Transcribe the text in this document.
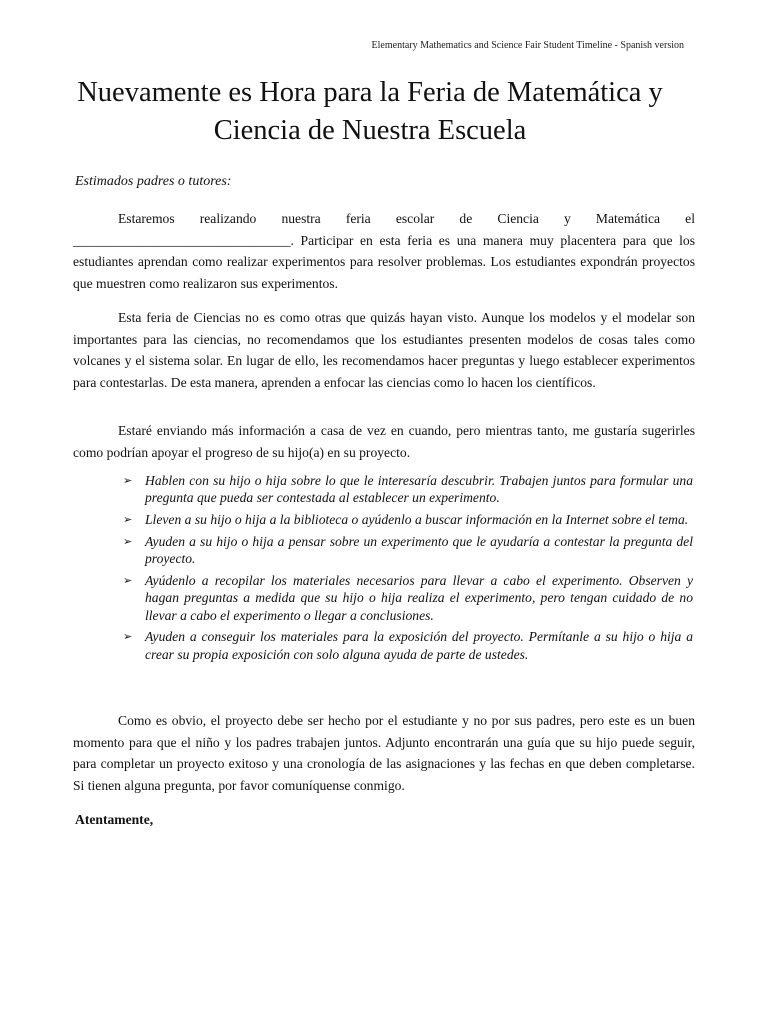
Elementary Mathematics and Science Fair Student Timeline - Spanish version
Nuevamente es Hora para la Feria de Matemática y Ciencia de Nuestra Escuela
Estimados padres o tutores:

Estaremos realizando nuestra feria escolar de Ciencia y Matemática el ________________________________. Participar en esta feria es una manera muy placentera para que los estudiantes aprendan como realizar experimentos para resolver problemas. Los estudiantes expondrán proyectos que muestren como realizaron sus experimentos.

Esta feria de Ciencias no es como otras que quizás hayan visto. Aunque los modelos y el modelar son importantes para las ciencias, no recomendamos que los estudiantes presenten modelos de cosas tales como volcanes y el sistema solar. En lugar de ello, les recomendamos hacer preguntas y luego establecer experimentos para contestarlas. De esta manera, aprenden a enfocar las ciencias como lo hacen los científicos.

Estaré enviando más información a casa de vez en cuando, pero mientras tanto, me gustaría sugerirles como podrían apoyar el progreso de su hijo(a) en su proyecto.

➢ Hablen con su hijo o hija sobre lo que le interesaría descubrir. Trabajen juntos para formular una pregunta que pueda ser contestada al establecer un experimento.
➢ Lleven a su hijo o hija a la biblioteca o ayúdenlo a buscar información en la Internet sobre el tema.
➢ Ayuden a su hijo o hija a pensar sobre un experimento que le ayudaría a contestar la pregunta del proyecto.
➢ Ayúdenlo a recopilar los materiales necesarios para llevar a cabo el experimento. Observen y hagan preguntas a medida que su hijo o hija realiza el experimento, pero tengan cuidado de no llevar a cabo el experimento o llegar a conclusiones.
➢ Ayuden a conseguir los materiales para la exposición del proyecto. Permítanle a su hijo o hija a crear su propia exposición con solo alguna ayuda de parte de ustedes.

Como es obvio, el proyecto debe ser hecho por el estudiante y no por sus padres, pero este es un buen momento para que el niño y los padres trabajen juntos. Adjunto encontrarán una guía que su hijo puede seguir, para completar un proyecto exitoso y una cronología de las asignaciones y las fechas en que deben completarse. Si tienen alguna pregunta, por favor comuníquense conmigo.

Atentamente,
